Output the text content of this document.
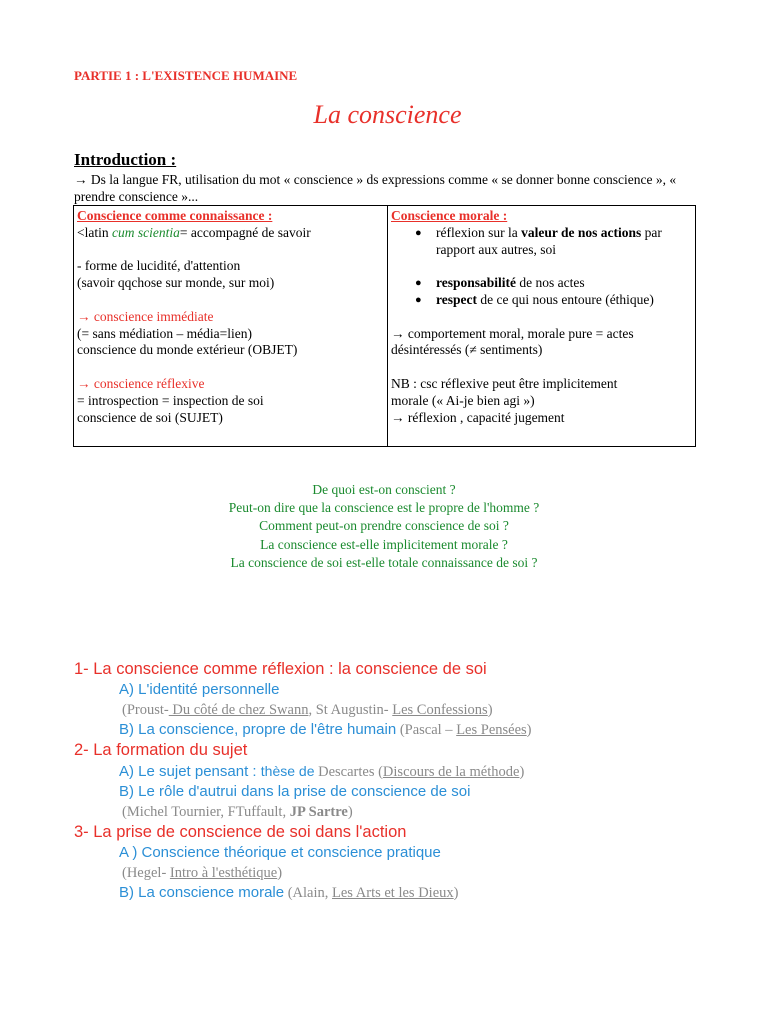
PARTIE 1 : L'EXISTENCE HUMAINE
La conscience
Introduction :
→ Ds la langue FR, utilisation du mot « conscience » ds expressions comme « se donner bonne conscience », « prendre conscience »...
Conscience comme connaissance :
<latin cum scientia= accompagné de savoir
- forme de lucidité, d'attention
(savoir qqchose sur monde, sur moi)
→ conscience immédiate
(= sans médiation – média=lien)
conscience du monde extérieur (OBJET)
→ conscience réflexive
= introspection = inspection de soi
conscience de soi (SUJET)

Conscience morale :
●	réflexion sur la valeur de nos actions par rapport aux autres, soi
●	responsabilité de nos actes
●	respect de ce qui nous entoure (éthique)
→ comportement moral, morale pure = actes désintéressés (≠ sentiments)
NB : csc réflexive peut être implicitement
morale (« Ai-je bien agi »)
→ réflexion , capacité jugement
De quoi est-on conscient ?
Peut-on dire que la conscience est le propre de l'homme ?
Comment peut-on prendre conscience de soi ?
La conscience est-elle implicitement morale ?
La conscience de soi est-elle totale connaissance de soi ?
1- La conscience comme réflexion : la conscience de soi
A) L'identité personnelle
(Proust- Du côté de chez Swann, St Augustin- Les Confessions)
B) La conscience, propre de l'être humain (Pascal – Les Pensées)
2- La formation du sujet
A) Le sujet pensant : thèse de Descartes (Discours de la méthode)
B) Le rôle d'autrui dans la prise de conscience de soi
(Michel Tournier, FTuffault, JP Sartre)
3- La prise de conscience de soi dans l'action
A ) Conscience théorique et conscience pratique
(Hegel- Intro à l'esthétique)
B) La conscience morale (Alain, Les Arts et les Dieux)
